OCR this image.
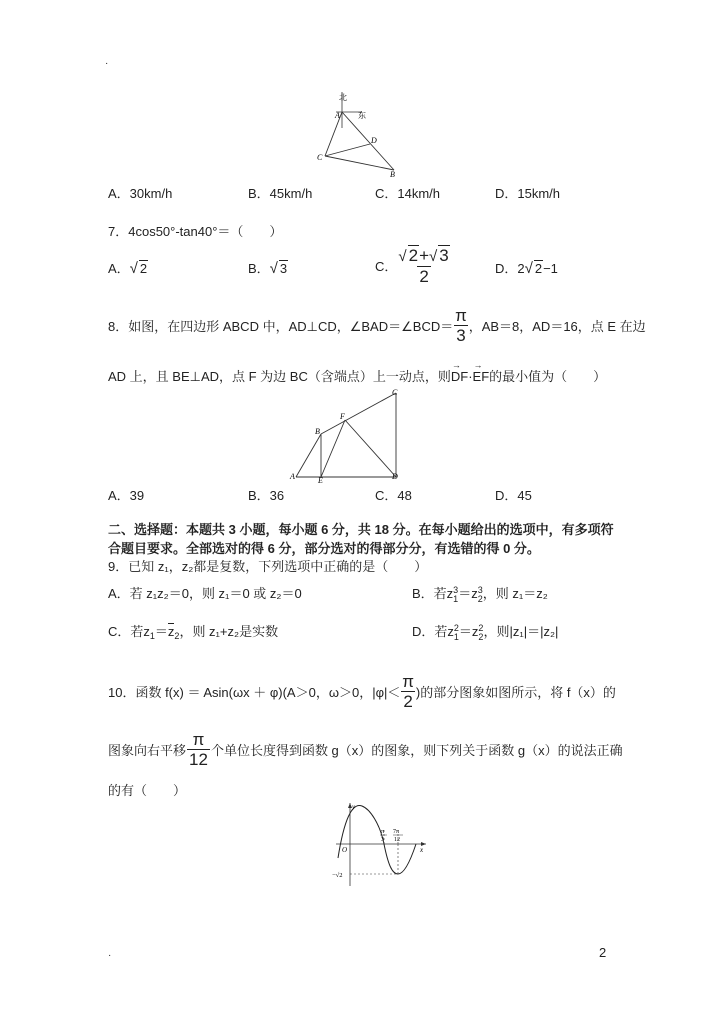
·
北
东
A
B
C
D
A．30km/h	B．45km/h	C．14km/h	D．15km/h
7．4cos50°-tan40°＝（　　）
A．√ 2	B．√ 3	C． $\frac{√ 2+√ 3}{2}$	D．2√ 2−1
8．如图，在四边形 ABCD 中，AD⊥CD，∠BAD＝∠BCD＝ $\frac{\pi}{3}$ ，AB＝8，AD＝16，点 E 在边
AD 上，且 BE⊥AD，点 F 为边 BC（含端点）上一动点，则→ DF·→ EF的最小值为（　　）
A
B
C
D
E
F
A．39	B．36	C．48	D．45
二、选择题：本题共 3 小题，每小题 6 分，共 18 分。在每小题给出的选项中，有多项符
合题目要求。全部选对的得 6 分，部分选对的得部分分，有选错的得 0 分。
9．已知 z₁，z₂都是复数，下列选项中正确的是（　　）
A．若 z₁z₂＝0，则 z₁＝0 或 z₂＝0	B．若z 3
1 ＝z 3
2 ，则 z₁＝z₂
C．若$z_1=z_2$，则 z₁+z₂是实数	D．若z 2
1 ＝z 2
2 ，则|z₁|＝|z₂|
10．函数 f(x) ＝ Asin(ωx ＋ φ)(A＞0，ω＞0，$|\varphi|< \frac{\pi}{2}$ )的部分图象如图所示，将 f（x）的
图象向右平移 $\frac{\pi}{12}$ 个单位长度得到函数 g（x）的图象，则下列关于函数 g（x）的说法正确
的有（　　）
y
x
O
π
3
7π
12
−√2
2
·
